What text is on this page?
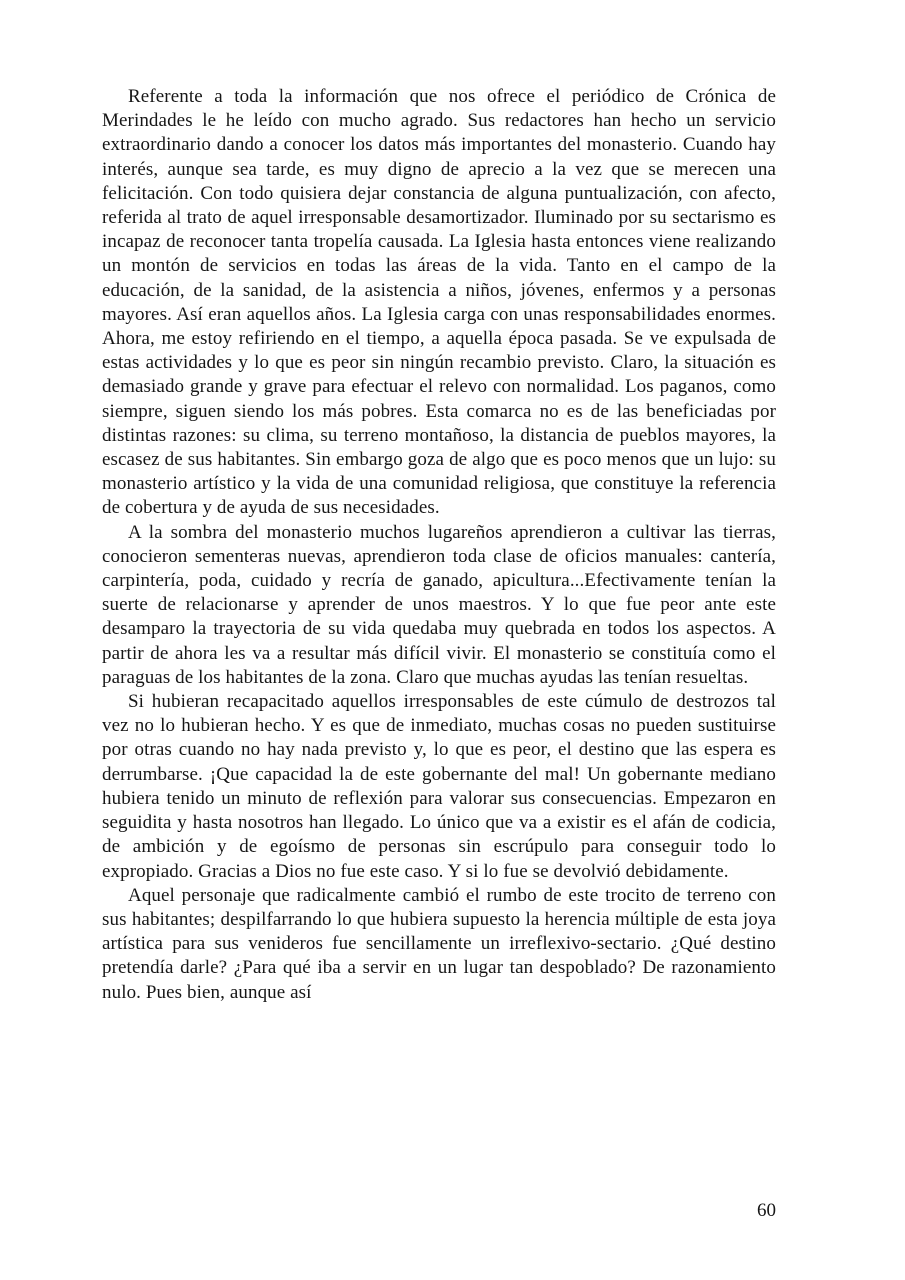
Referente a toda la información que nos ofrece el periódico de Crónica de Merindades le he leído con mucho agrado. Sus redactores han hecho un servicio extraordinario dando a conocer los datos más importantes del monasterio. Cuando hay interés, aunque sea tarde, es muy digno de aprecio a la vez que se merecen una felicitación. Con todo quisiera dejar constancia de alguna puntualización, con afecto, referida al trato de aquel irresponsable desamortizador. Iluminado por su sectarismo es incapaz de reconocer tanta tropelía causada. La Iglesia hasta entonces viene realizando un montón de servicios en todas las áreas de la vida. Tanto en el campo de la educación, de la sanidad, de la asistencia a niños, jóvenes, enfermos y a personas mayores. Así eran aquellos años. La Iglesia carga con unas responsabilidades enormes. Ahora, me estoy refiriendo en el tiempo, a aquella época pasada. Se ve expulsada de estas actividades y lo que es peor sin ningún recambio previsto. Claro, la situación es demasiado grande y grave para efectuar el relevo con normalidad. Los paganos, como siempre, siguen siendo los más pobres. Esta comarca no es de las beneficiadas por distintas razones: su clima, su terreno montañoso, la distancia de pueblos mayores, la escasez de sus habitantes. Sin embargo goza de algo que es poco menos que un lujo: su monasterio artístico y la vida de una comunidad religiosa, que constituye la referencia de cobertura y de ayuda de sus necesidades.

A la sombra del monasterio muchos lugareños aprendieron a cultivar las tierras, conocieron sementeras nuevas, aprendieron toda clase de oficios manuales: cantería, carpintería, poda, cuidado y recría de ganado, apicultura...Efectivamente tenían la suerte de relacionarse y aprender de unos maestros. Y lo que fue peor ante este desamparo la trayectoria de su vida quedaba muy quebrada en todos los aspectos. A partir de ahora les va a resultar más difícil vivir. El monasterio se constituía como el paraguas de los habitantes de la zona. Claro que muchas ayudas las tenían resueltas.

Si hubieran recapacitado aquellos irresponsables de este cúmulo de destrozos tal vez no lo hubieran hecho. Y es que de inmediato, muchas cosas no pueden sustituirse por otras cuando no hay nada previsto y, lo que es peor, el destino que las espera es derrumbarse. ¡Que capacidad la de este gobernante del mal! Un gobernante mediano hubiera tenido un minuto de reflexión para valorar sus consecuencias. Empezaron en seguidita y hasta nosotros han llegado. Lo único que va a existir es el afán de codicia, de ambición y de egoísmo de personas sin escrúpulo para conseguir todo lo expropiado. Gracias a Dios no fue este caso. Y si lo fue se devolvió debidamente.

Aquel personaje que radicalmente cambió el rumbo de este trocito de terreno con sus habitantes; despilfarrando lo que hubiera supuesto la herencia múltiple de esta joya artística para sus venideros fue sencillamente un irreflexivo-sectario. ¿Qué destino pretendía darle? ¿Para qué iba a servir en un lugar tan despoblado? De razonamiento nulo. Pues bien, aunque así

60
